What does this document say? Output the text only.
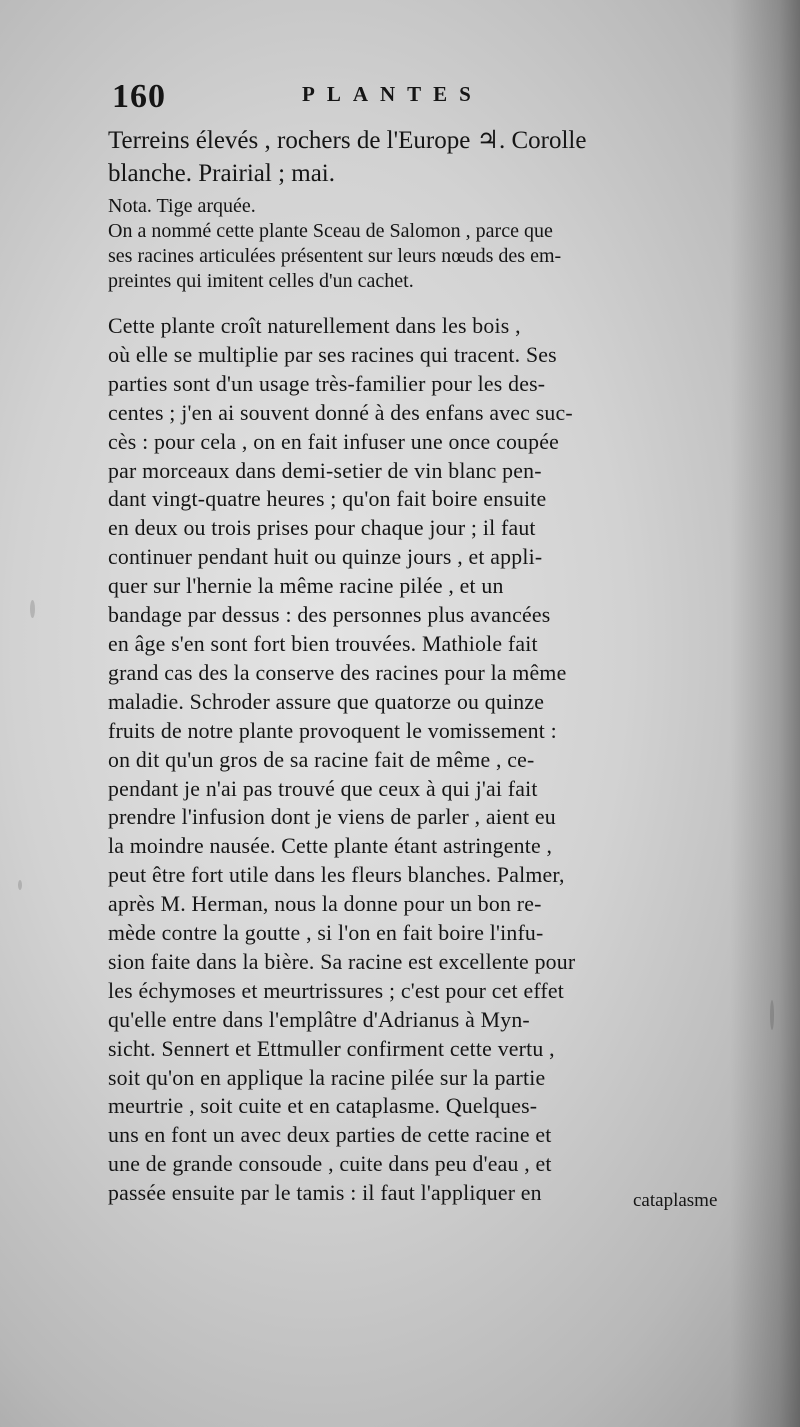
160	PLANTES
Terreins élevés , rochers de l'Europe ♃. Corolle
blanche. Prairial ; mai.
Nota. Tige arquée.
On a nommé cette plante Sceau de Salomon , parce que
ses racines articulées présentent sur leurs nœuds des em-
preintes qui imitent celles d'un cachet.
Cette plante croît naturellement dans les bois ,
où elle se multiplie par ses racines qui tracent. Ses
parties sont d'un usage très-familier pour les des-
centes ; j'en ai souvent donné à des enfans avec suc-
cès : pour cela , on en fait infuser une once coupée
par morceaux dans demi-setier de vin blanc pen-
dant vingt-quatre heures ; qu'on fait boire ensuite
en deux ou trois prises pour chaque jour ; il faut
continuer pendant huit ou quinze jours , et appli-
quer sur l'hernie la même racine pilée , et un
bandage par dessus : des personnes plus avancées
en âge s'en sont fort bien trouvées. Mathiole fait
grand cas des la conserve des racines pour la même
maladie. Schroder assure que quatorze ou quinze
fruits de notre plante provoquent le vomissement :
on dit qu'un gros de sa racine fait de même , ce-
pendant je n'ai pas trouvé que ceux à qui j'ai fait
prendre l'infusion dont je viens de parler , aient eu
la moindre nausée. Cette plante étant astringente ,
peut être fort utile dans les fleurs blanches. Palmer,
après M. Herman, nous la donne pour un bon re-
mède contre la goutte , si l'on en fait boire l'infu-
sion faite dans la bière. Sa racine est excellente pour
les échymoses et meurtrissures ; c'est pour cet effet
qu'elle entre dans l'emplâtre d'Adrianus à Myn-
sicht. Sennert et Ettmuller confirment cette vertu ,
soit qu'on en applique la racine pilée sur la partie
meurtrie , soit cuite et en cataplasme. Quelques-
uns en font un avec deux parties de cette racine et
une de grande consoude , cuite dans peu d'eau , et
passée ensuite par le tamis : il faut l'appliquer en	cataplasme
